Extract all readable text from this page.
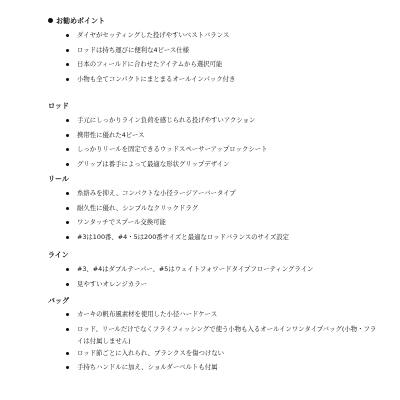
お勧めポイント
ダイヤがセッティングした投げやすいベストバランス
ロッドは持ち運びに便利な4ピース仕様
日本のフィールドに合わせたアイテムから選択可能
小物も全てコンパクトにまとまるオールインパック付き
ロッド
手元にしっかりライン負荷を感じられる投げやすいアクション
携帯性に優れた4ピース
しっかりリールを固定できるウッドスペーサーアップロックシート
グリップは番手によって最適な形状グリップデザイン
リール
糸絡みを抑え、コンパクトな小径ラージアーバータイプ
耐久性に優れ、シンプルなクリックドラグ
ワンタッチでスプール交換可能
#3は100番、#4・5は200番サイズと最適なロッドバランスのサイズ設定
ライン
#3、#4はダブルテーパー、#5はウェイトフォワードタイプフローティングライン
見やすいオレンジカラー
バッグ
カーキの帆布風素材を使用した小径ハードケース
ロッド、リールだけでなくフライフィッシングで使う小物も入るオールインワンタイプバッグ(小物・フライは付属しません)
ロッド節ごとに入れられ、ブランクスを傷つけない
手持ちハンドルに加え、ショルダーベルトも付属
